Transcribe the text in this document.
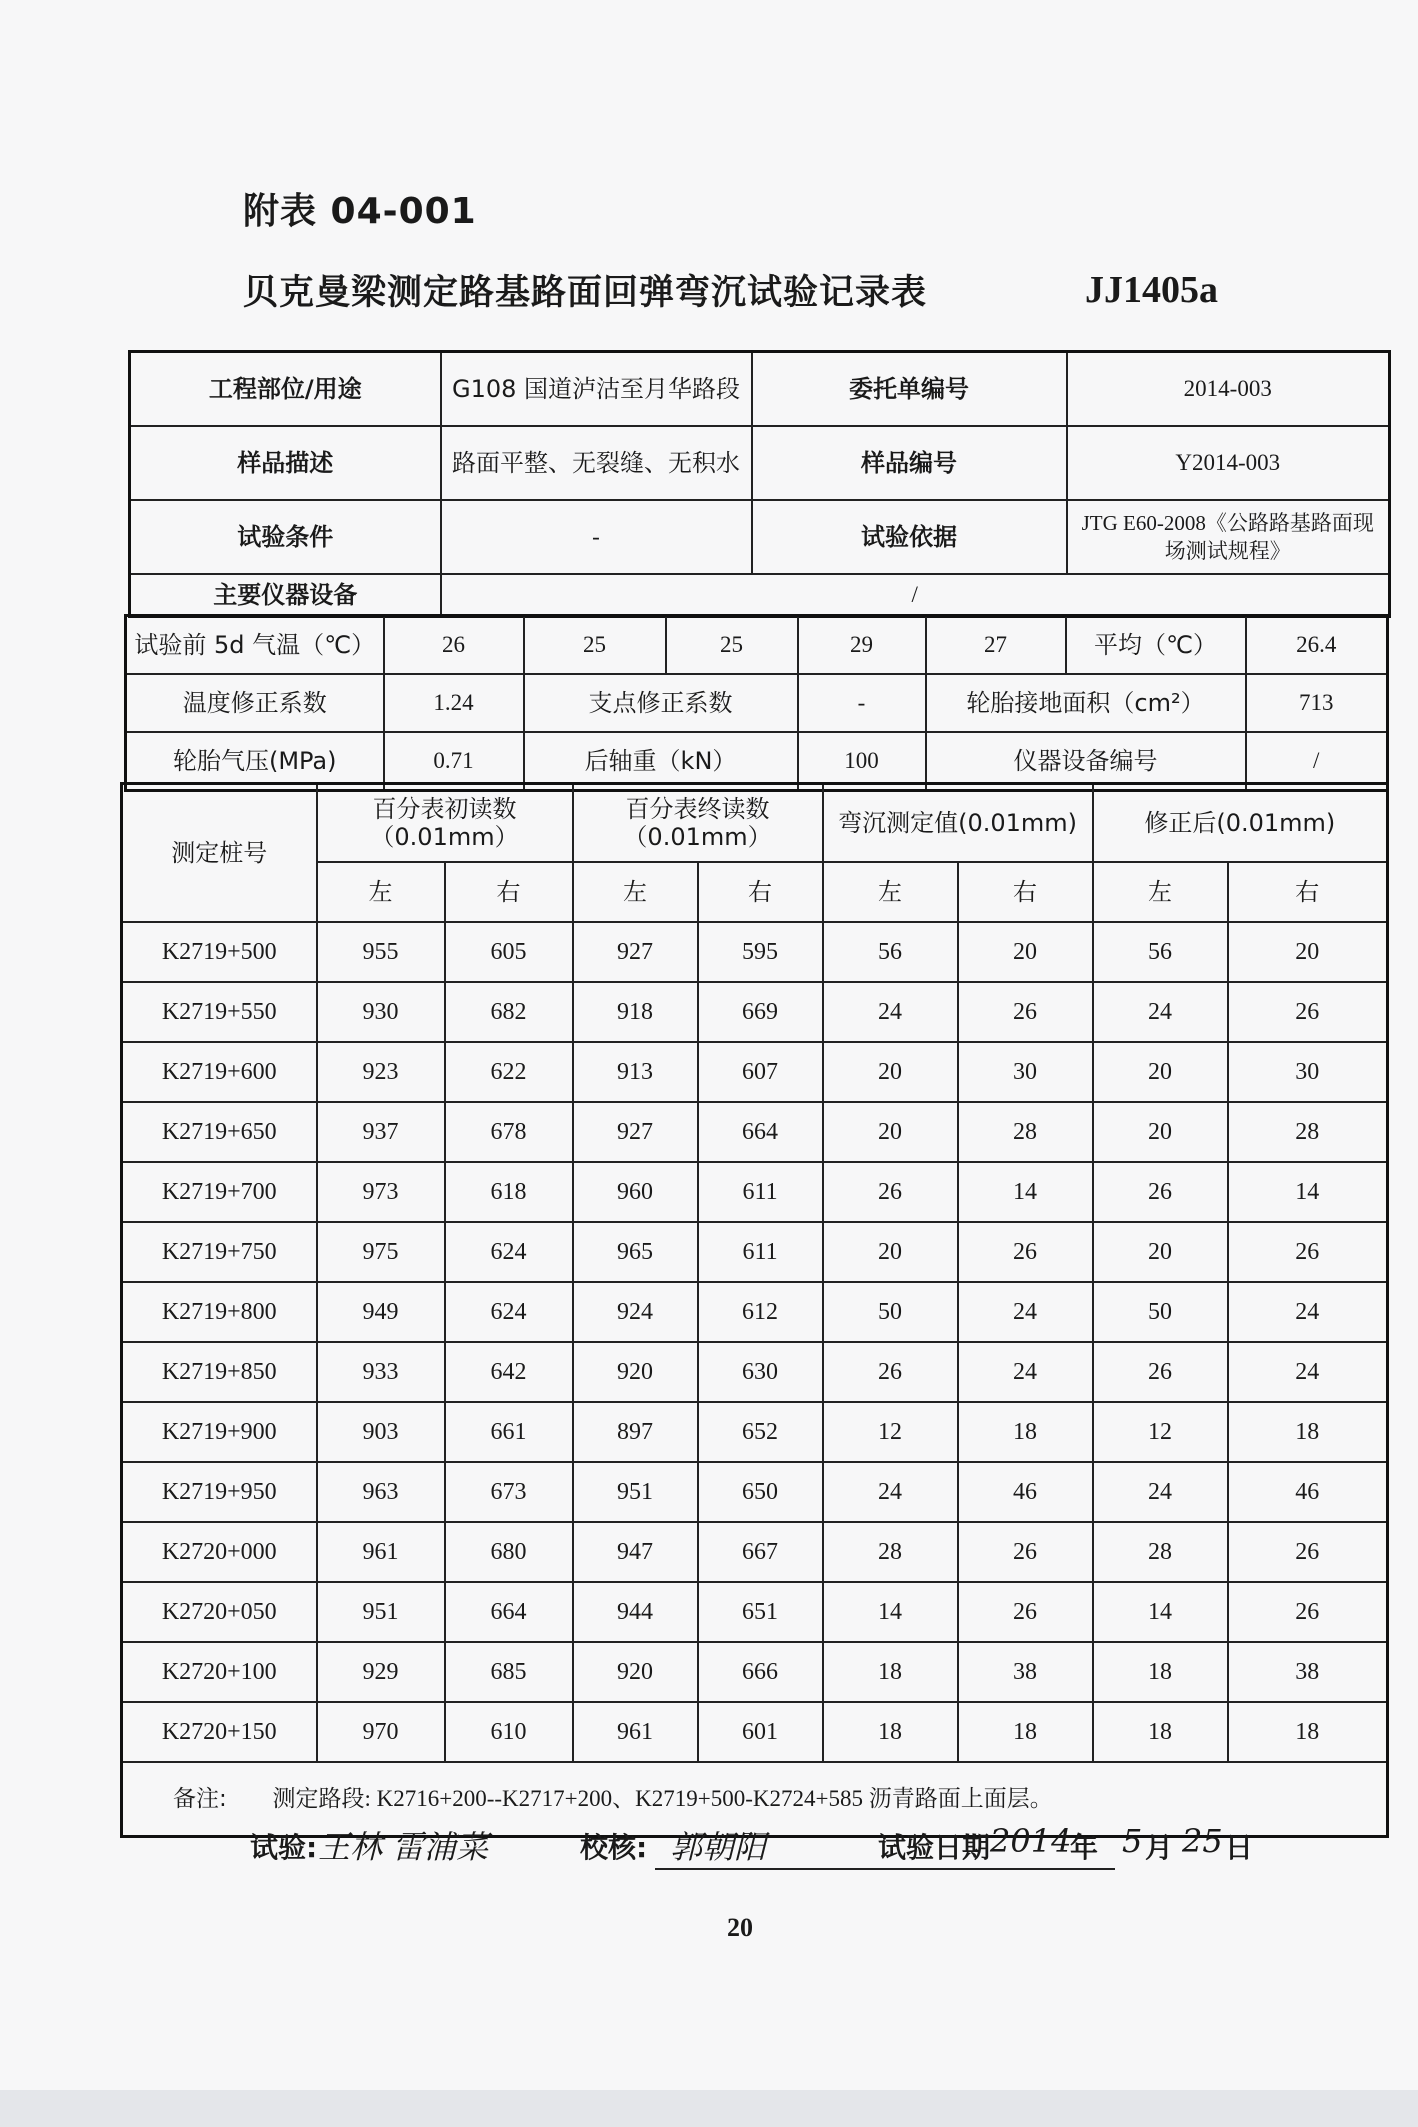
附表 04-001
贝克曼梁测定路基路面回弹弯沉试验记录表	JJ1405a
工程部位/用途	G108 国道泸沽至月华路段	委托单编号	2014-003
样品描述	路面平整、无裂缝、无积水	样品编号	Y2014-003
试验条件	-	试验依据	JTG E60-2008《公路路基路面现场测试规程》
主要仪器设备	/		
试验前 5d 气温（℃）	26	25	25	29	27	平均（℃）	26.4
温度修正系数	1.24	支点修正系数		-	轮胎接地面积（cm²）		713
轮胎气压(MPa)	0.71	后轴重（kN）		100	仪器设备编号		/
测定桩号	百分表初读数（0.01mm）		百分表终读数（0.01mm）		弯沉测定值(0.01mm)		修正后(0.01mm)	
	左	右	左	右	左	右	左	右
K2719+500	955	605	927	595	56	20	56	20
K2719+550	930	682	918	669	24	26	24	26
K2719+600	923	622	913	607	20	30	20	30
K2719+650	937	678	927	664	20	28	20	28
K2719+700	973	618	960	611	26	14	26	14
K2719+750	975	624	965	611	20	26	20	26
K2719+800	949	624	924	612	50	24	50	24
K2719+850	933	642	920	630	26	24	26	24
K2719+900	903	661	897	652	12	18	12	18
K2719+950	963	673	951	650	24	46	24	46
K2720+000	961	680	947	667	28	26	28	26
K2720+050	951	664	944	651	14	26	14	26
K2720+100	929	685	920	666	18	38	18	38
K2720+150	970	610	961	601	18	18	18	18
备注: 测定路段: K2716+200--K2717+200、K2719+500-K2724+585 沥青路面上面层。								
试验: 王林 雷浦菜	校核: 郭朝阳	试验日期 2014
年 5 月 25 日
20
